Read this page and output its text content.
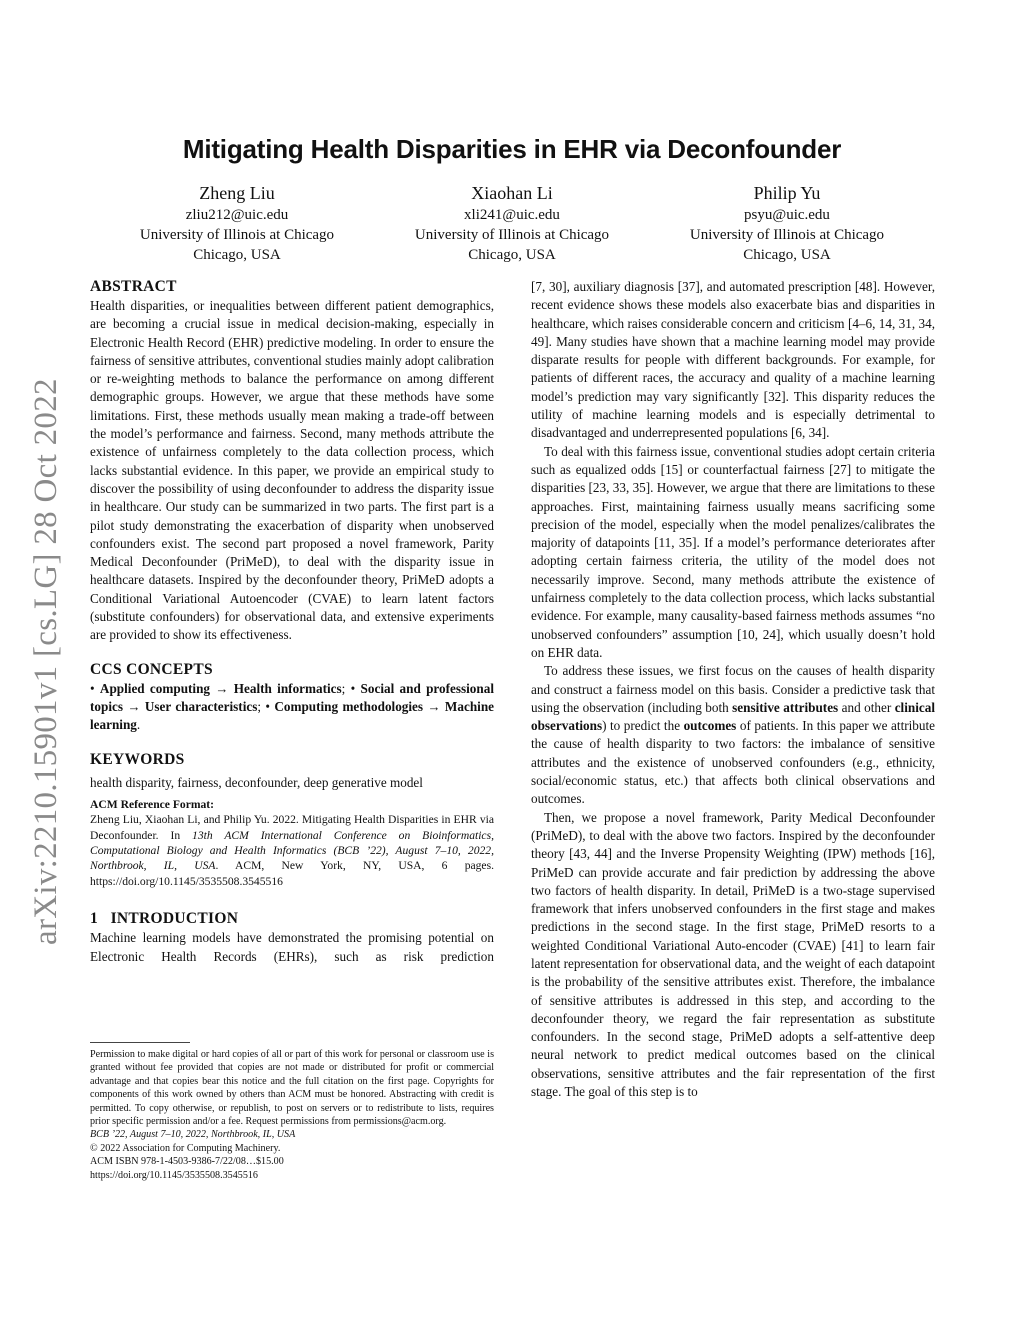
arXiv:2210.15901v1 [cs.LG] 28 Oct 2022
Mitigating Health Disparities in EHR via Deconfounder
Zheng Liu
zliu212@uic.edu
University of Illinois at Chicago
Chicago, USA
Xiaohan Li
xli241@uic.edu
University of Illinois at Chicago
Chicago, USA
Philip Yu
psyu@uic.edu
University of Illinois at Chicago
Chicago, USA
ABSTRACT

Health disparities, or inequalities between different patient demographics, are becoming a crucial issue in medical decision-making, especially in Electronic Health Record (EHR) predictive modeling. In order to ensure the fairness of sensitive attributes, conventional studies mainly adopt calibration or re-weighting methods to balance the performance on among different demographic groups. However, we argue that these methods have some limitations. First, these methods usually mean making a trade-off between the model’s performance and fairness. Second, many methods attribute the existence of unfairness completely to the data collection process, which lacks substantial evidence. In this paper, we provide an empirical study to discover the possibility of using deconfounder to address the disparity issue in healthcare. Our study can be summarized in two parts. The first part is a pilot study demonstrating the exacerbation of disparity when unobserved confounders exist. The second part proposed a novel framework, Parity Medical Deconfounder (PriMeD), to deal with the disparity issue in healthcare datasets. Inspired by the deconfounder theory, PriMeD adopts a Conditional Variational Autoencoder (CVAE) to learn latent factors (substitute confounders) for observational data, and extensive experiments are provided to show its effectiveness.

CCS CONCEPTS

• Applied computing → Health informatics; • Social and professional topics → User characteristics; • Computing methodologies → Machine learning.

KEYWORDS

health disparity, fairness, deconfounder, deep generative model

ACM Reference Format:
Zheng Liu, Xiaohan Li, and Philip Yu. 2022. Mitigating Health Disparities in EHR via Deconfounder. In 13th ACM International Conference on Bioinformatics, Computational Biology and Health Informatics (BCB ’22), August 7–10, 2022, Northbrook, IL, USA. ACM, New York, NY, USA, 6 pages. https://doi.org/10.1145/3535508.3545516
1 INTRODUCTION

Machine learning models have demonstrated the promising potential on Electronic Health Records (EHRs), such as risk prediction

Permission to make digital or hard copies of all or part of this work for personal or classroom use is granted without fee provided that copies are not made or distributed for profit or commercial advantage and that copies bear this notice and the full citation on the first page. Copyrights for components of this work owned by others than ACM must be honored. Abstracting with credit is permitted. To copy otherwise, or republish, to post on servers or to redistribute to lists, requires prior specific permission and/or a fee. Request permissions from permissions@acm.org.

BCB ’22, August 7–10, 2022, Northbrook, IL, USA

© 2022 Association for Computing Machinery.

ACM ISBN 978-1-4503-9386-7/22/08…$15.00

https://doi.org/10.1145/3535508.3545516

[7, 30], auxiliary diagnosis [37], and automated prescription [48]. However, recent evidence shows these models also exacerbate bias and disparities in healthcare, which raises considerable concern and criticism [4–6, 14, 31, 34, 49]. Many studies have shown that a machine learning model may provide disparate results for people with different backgrounds. For example, for patients of different races, the accuracy and quality of a machine learning model’s prediction may vary significantly [32]. This disparity reduces the utility of machine learning models and is especially detrimental to disadvantaged and underrepresented populations [6, 34].

To deal with this fairness issue, conventional studies adopt certain criteria such as equalized odds [15] or counterfactual fairness [27] to mitigate the disparities [23, 33, 35]. However, we argue that there are limitations to these approaches. First, maintaining fairness usually means sacrificing some precision of the model, especially when the model penalizes/calibrates the majority of datapoints [11, 35]. If a model’s performance deteriorates after adopting certain fairness criteria, the utility of the model does not necessarily improve. Second, many methods attribute the existence of unfairness completely to the data collection process, which lacks substantial evidence. For example, many causality-based fairness methods assumes “no unobserved confounders” assumption [10, 24], which usually doesn’t hold on EHR data.

To address these issues, we first focus on the causes of health disparity and construct a fairness model on this basis. Consider a predictive task that using the observation (including both sensitive attributes and other clinical observations) to predict the outcomes of patients. In this paper we attribute the cause of health disparity to two factors: the imbalance of sensitive attributes and the existence of unobserved confounders (e.g., ethnicity, social/economic status, etc.) that affects both clinical observations and outcomes.

Then, we propose a novel framework, Parity Medical Deconfounder (PriMeD), to deal with the above two factors. Inspired by the deconfounder theory [43, 44] and the Inverse Propensity Weighting (IPW) methods [16], PriMeD can provide accurate and fair prediction by addressing the above two factors of health disparity. In detail, PriMeD is a two-stage supervised framework that infers unobserved confounders in the first stage and makes predictions in the second stage. In the first stage, PriMeD resorts to a weighted Conditional Variational Auto-encoder (CVAE) [41] to learn fair latent representation for observational data, and the weight of each datapoint is the probability of the sensitive attributes exist. Therefore, the imbalance of sensitive attributes is addressed in this step, and according to the deconfounder theory, we regard the fair representation as substitute confounders. In the second stage, PriMeD adopts a self-attentive deep neural network to predict medical outcomes based on the clinical observations, sensitive attributes and the fair representation of the first stage. The goal of this step is to
